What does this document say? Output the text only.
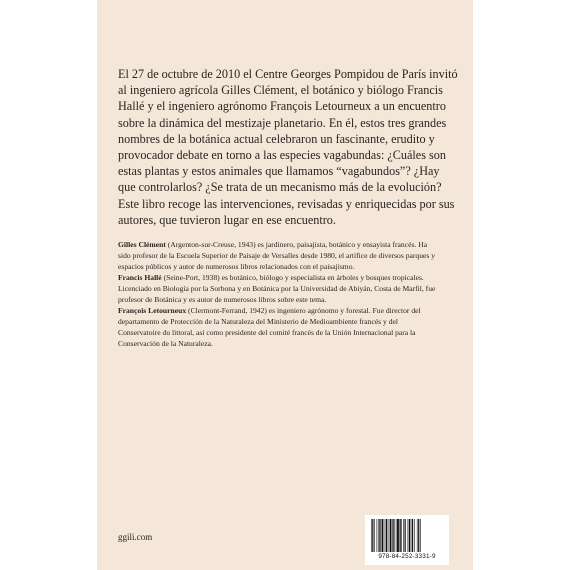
El 27 de octubre de 2010 el Centre Georges Pompidou de París invitó al ingeniero agrícola Gilles Clément, el botánico y biólogo Francis Hallé y el ingeniero agrónomo François Letourneux a un encuentro sobre la dinámica del mestizaje planetario. En él, estos tres grandes nombres de la botánica actual celebraron un fascinante, erudito y provocador debate en torno a las especies vagabundas: ¿Cuáles son estas plantas y estos animales que llamamos “vagabundos”? ¿Hay que controlarlos? ¿Se trata de un mecanismo más de la evolución?

Este libro recoge las intervenciones, revisadas y enriquecidas por sus autores, que tuvieron lugar en ese encuentro.

Gilles Clément (Argenton-sur-Creuse, 1943) es jardinero, paisajista, botánico y ensayista francés. Ha sido profesor de la Escuela Superior de Paisaje de Versalles desde 1980, el artífice de diversos parques y espacios públicos y autor de numerosos libros relacionados con el paisajismo.

Francis Hallé (Seine-Port, 1938) es botánico, biólogo y especialista en árboles y bosques tropicales. Licenciado en Biología por la Sorbona y en Botánica por la Universidad de Abiyán, Costa de Marfil, fue profesor de Botánica y es autor de numerosos libros sobre este tema.

François Letourneux (Clermont-Ferrand, 1942) es ingeniero agrónomo y forestal. Fue director del departamento de Protección de la Naturaleza del Ministerio de Medioambiente francés y del Conservatoire du littoral, así como presidente del comité francés de la Unión Internacional para la Conservación de la Naturaleza.

ggili.com
978-84-252-3331-9
